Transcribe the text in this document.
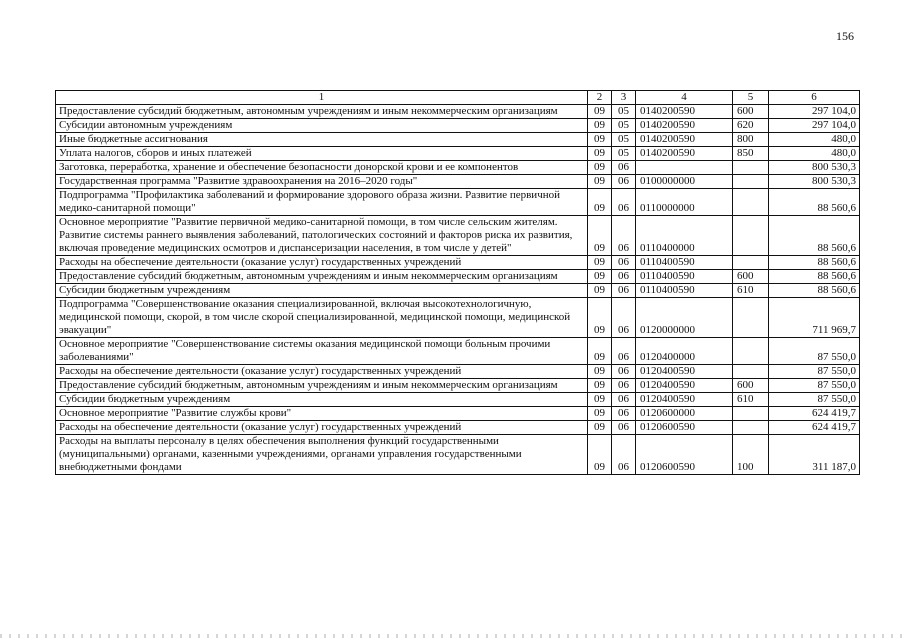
156
1	2	3	4	5	6
Предоставление субсидий бюджетным, автономным учреждениям и иным некоммерческим организациям	09	05	0140200590	600	297 104,0
Субсидии автономным учреждениям	09	05	0140200590	620	297 104,0
Иные бюджетные ассигнования	09	05	0140200590	800	480,0
Уплата налогов, сборов и иных платежей	09	05	0140200590	850	480,0
Заготовка, переработка, хранение и обеспечение безопасности донорской крови и ее компонентов	09	06			800 530,3
Государственная программа "Развитие здравоохранения на 2016–2020 годы"	09	06	0100000000		800 530,3
Подпрограмма "Профилактика заболеваний и формирование здорового образа жизни. Развитие первичной медико-санитарной помощи"	09	06	0110000000		88 560,6
Основное мероприятие "Развитие первичной медико-санитарной помощи, в том числе сельским жителям. Развитие системы раннего выявления заболеваний, патологических состояний и факторов риска их развития, включая проведение медицинских осмотров и диспансеризации населения, в том числе у детей"	09	06	0110400000		88 560,6
Расходы на обеспечение деятельности (оказание услуг) государственных учреждений	09	06	0110400590		88 560,6
Предоставление субсидий бюджетным, автономным учреждениям и иным некоммерческим организациям	09	06	0110400590	600	88 560,6
Субсидии бюджетным учреждениям	09	06	0110400590	610	88 560,6
Подпрограмма "Совершенствование оказания специализированной, включая высокотехнологичную, медицинской помощи, скорой, в том числе скорой специализированной, медицинской помощи, медицинской эвакуации"	09	06	0120000000		711 969,7
Основное мероприятие "Совершенствование системы оказания медицинской помощи больным прочими заболеваниями"	09	06	0120400000		87 550,0
Расходы на обеспечение деятельности (оказание услуг) государственных учреждений	09	06	0120400590		87 550,0
Предоставление субсидий бюджетным, автономным учреждениям и иным некоммерческим организациям	09	06	0120400590	600	87 550,0
Субсидии бюджетным учреждениям	09	06	0120400590	610	87 550,0
Основное мероприятие "Развитие службы крови"	09	06	0120600000		624 419,7
Расходы на обеспечение деятельности (оказание услуг) государственных учреждений	09	06	0120600590		624 419,7
Расходы на выплаты персоналу в целях обеспечения выполнения функций государственными (муниципальными) органами, казенными учреждениями, органами управления государственными внебюджетными фондами	09	06	0120600590	100	311 187,0
